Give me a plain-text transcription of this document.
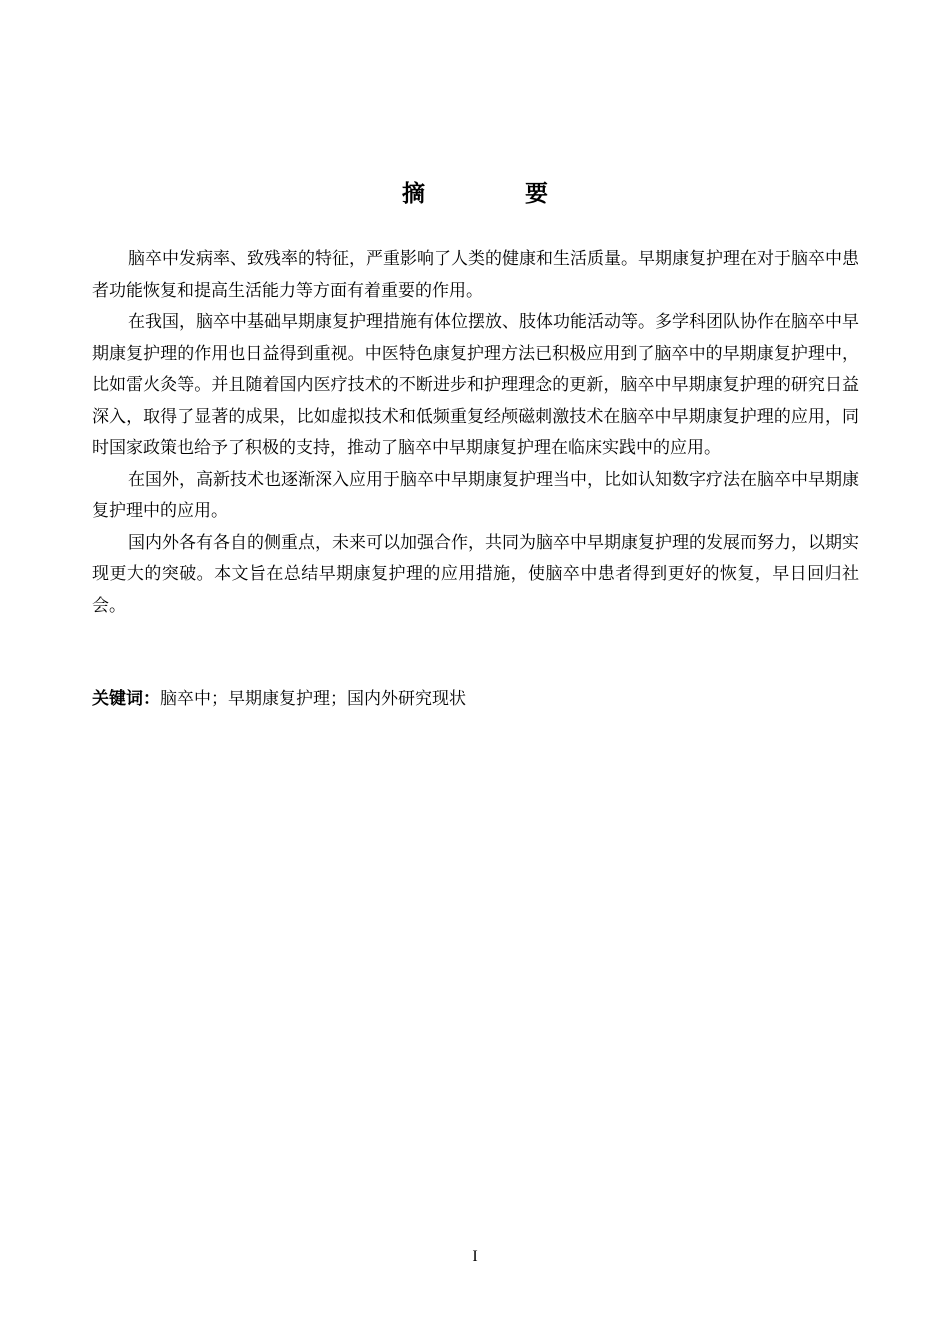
摘 要

脑卒中发病率、致残率的特征，严重影响了人类的健康和生活质量。早期康复护理在对于脑卒中患者功能恢复和提高生活能力等方面有着重要的作用。

在我国，脑卒中基础早期康复护理措施有体位摆放、肢体功能活动等。多学科团队协作在脑卒中早期康复护理的作用也日益得到重视。中医特色康复护理方法已积极应用到了脑卒中的早期康复护理中，比如雷火灸等。并且随着国内医疗技术的不断进步和护理理念的更新，脑卒中早期康复护理的研究日益深入，取得了显著的成果，比如虚拟技术和低频重复经颅磁刺激技术在脑卒中早期康复护理的应用，同时国家政策也给予了积极的支持，推动了脑卒中早期康复护理在临床实践中的应用。

在国外，高新技术也逐渐深入应用于脑卒中早期康复护理当中，比如认知数字疗法在脑卒中早期康复护理中的应用。

国内外各有各自的侧重点，未来可以加强合作，共同为脑卒中早期康复护理的发展而努力，以期实现更大的突破。本文旨在总结早期康复护理的应用措施，使脑卒中患者得到更好的恢复，早日回归社会。

关键词：脑卒中；早期康复护理；国内外研究现状
I
